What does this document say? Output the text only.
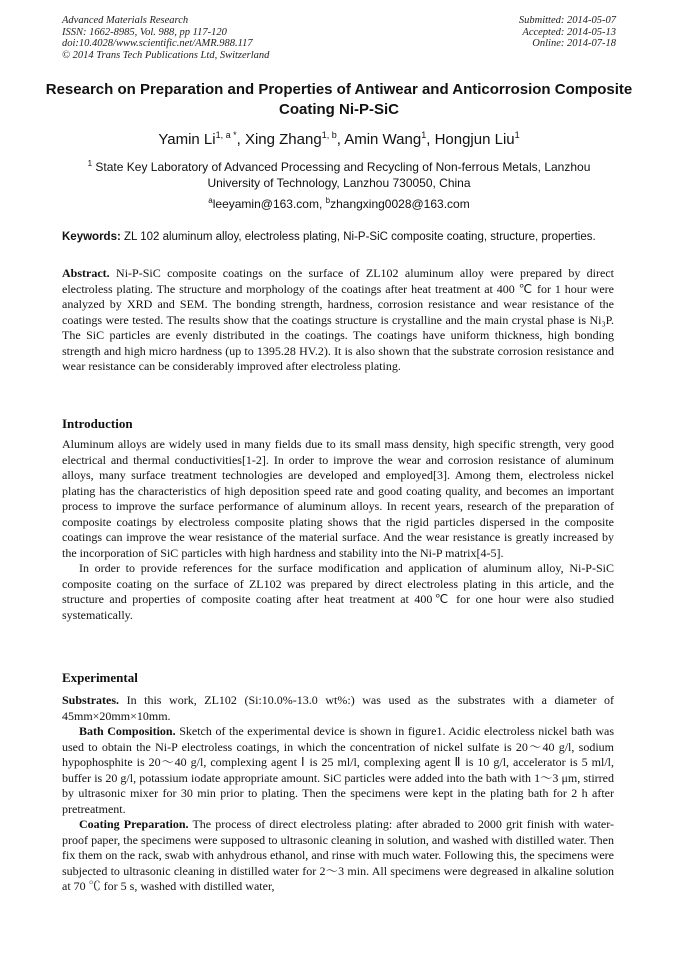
Advanced Materials Research
ISSN: 1662-8985, Vol. 988, pp 117-120
doi:10.4028/www.scientific.net/AMR.988.117
© 2014 Trans Tech Publications Ltd, Switzerland
Submitted: 2014-05-07
Accepted: 2014-05-13
Online: 2014-07-18
Research on Preparation and Properties of Antiwear and Anticorrosion Composite Coating Ni-P-SiC
Yamin $Li^{1, a *}$, Xing Zhang$^{1, b}$, Amin Wang$^1$, Hongjun Liu$^1$
$^1$ State Key Laboratory of Advanced Processing and Recycling of Non-ferrous Metals, Lanzhou University of Technology, Lanzhou 730050, China
$^a$leeyamin@163.com, $^b$zhangxing0028@163.com
Keywords: ZL 102 aluminum alloy, electroless plating, Ni-P-SiC composite coating, structure, properties.

Abstract. Ni-P-SiC composite coatings on the surface of ZL102 aluminum alloy were prepared by direct electroless plating. The structure and morphology of the coatings after heat treatment at 400 ℃ for 1 hour were analyzed by XRD and SEM. The bonding strength, hardness, corrosion resistance and wear resistance of the coatings were tested. The results show that the coatings structure is crystalline and the main crystal phase is Ni₃P. The SiC particles are evenly distributed in the coatings. The coatings have uniform thickness, high bonding strength and high micro hardness (up to 1395.28 HV.2). It is also shown that the substrate corrosion resistance and wear resistance can be considerably improved after electroless plating.

Introduction

Aluminum alloys are widely used in many fields due to its small mass density, high specific strength, very good electrical and thermal conductivities[1-2]. In order to improve the wear and corrosion resistance of aluminum alloys, many surface treatment technologies are developed and employed[3]. Among them, electroless nickel plating has the characteristics of high deposition speed rate and good coating quality, and becomes an important process to improve the surface performance of aluminum alloys. In recent years, research of the preparation of composite coatings by electroless composite plating shows that the rigid particles dispersed in the composite coatings can improve the wear resistance of the material surface. And the wear resistance is greatly increased by the incorporation of SiC particles with high hardness and stability into the Ni-P matrix[4-5].

In order to provide references for the surface modification and application of aluminum alloy, Ni-P-SiC composite coating on the surface of ZL102 was prepared by direct electroless plating in this article, and the structure and properties of composite coating after heat treatment at 400℃ for one hour were also studied systematically.

Experimental

Substrates. In this work, ZL102 (Si:10.0%-13.0 wt%:) was used as the substrates with a diameter of 45mm×20mm×10mm.

Bath Composition. Sketch of the experimental device is shown in figure1. Acidic electroless nickel bath was used to obtain the Ni-P electroless coatings, in which the concentration of nickel sulfate is 20～40 g/l, sodium hypophosphite is 20～40 g/l, complexing agent Ⅰ is 25 ml/l, complexing agent Ⅱ is 10 g/l, accelerator is 5 ml/l, buffer is 20 g/l, potassium iodate appropriate amount. SiC particles were added into the bath with 1～3 μm, stirred by ultrasonic mixer for 30 min prior to plating. Then the specimens were kept in the plating bath for 2 h after pretreatment.

Coating Preparation. The process of direct electroless plating: after abraded to 2000 grit finish with water-proof paper, the specimens were supposed to ultrasonic cleaning in solution, and washed with distilled water. Then fix them on the rack, swab with anhydrous ethanol, and rinse with much water. Following this, the specimens were subjected to ultrasonic cleaning in distilled water for 2～3 min. All specimens were degreased in alkaline solution at 70 ℃ for 5 s, washed with distilled water,
